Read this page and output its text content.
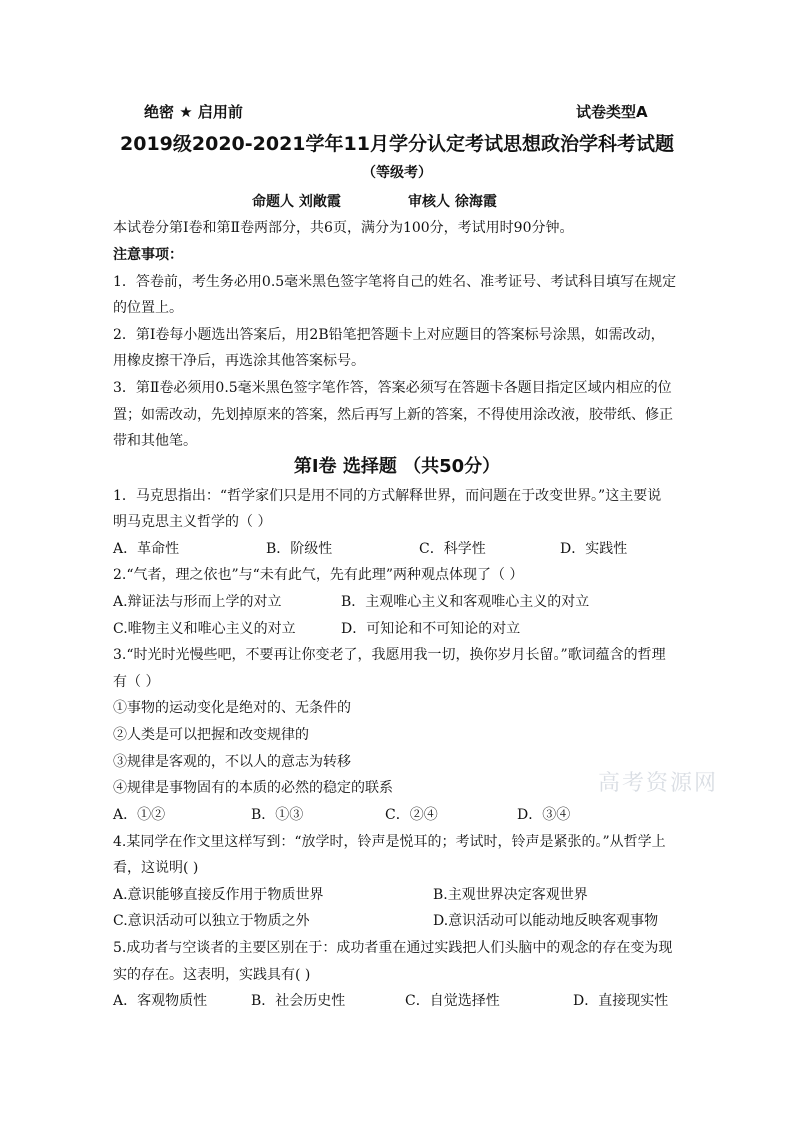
绝密 ★ 启用前	试卷类型A
2019级2020-2021学年11月学分认定考试思想政治学科考试题
（等级考）
命题人 刘敞霞	审核人 徐海霞
本试卷分第Ⅰ卷和第Ⅱ卷两部分，共6页，满分为100分，考试用时90分钟。
注意事项：
1．答卷前，考生务必用0.5毫米黑色签字笔将自己的姓名、准考证号、考试科目填写在规定
的位置上。
2．第Ⅰ卷每小题选出答案后，用2B铅笔把答题卡上对应题目的答案标号涂黑，如需改动，
用橡皮擦干净后，再选涂其他答案标号。
3．第Ⅱ卷必须用0.5毫米黑色签字笔作答，答案必须写在答题卡各题目指定区域内相应的位
置；如需改动，先划掉原来的答案，然后再写上新的答案，不得使用涂改液，胶带纸、修正
带和其他笔。
第Ⅰ卷 选择题 （共50分）
1．马克思指出：“哲学家们只是用不同的方式解释世界，而问题在于改变世界。”这主要说
明马克思主义哲学的（ ）
A．革命性	B．阶级性	C．科学性	D．实践性
2.“气者，理之依也”与“未有此气，先有此理”两种观点体现了（ ）
A.辩证法与形而上学的对立	B．主观唯心主义和客观唯心主义的对立
C.唯物主义和唯心主义的对立	D．可知论和不可知论的对立
3.“时光时光慢些吧，不要再让你变老了，我愿用我一切，换你岁月长留。”歌词蕴含的哲理
有（ ）
①事物的运动变化是绝对的、无条件的
②人类是可以把握和改变规律的
③规律是客观的，不以人的意志为转移
④规律是事物固有的本质的必然的稳定的联系
A．①②	B．①③	C．②④	D．③④
高考资源网
4.某同学在作文里这样写到：“放学时，铃声是悦耳的；考试时，铃声是紧张的。”从哲学上
看，这说明( )
A.意识能够直接反作用于物质世界	B.主观世界决定客观世界
C.意识活动可以独立于物质之外	D.意识活动可以能动地反映客观事物
5.成功者与空谈者的主要区别在于：成功者重在通过实践把人们头脑中的观念的存在变为现
实的存在。这表明，实践具有( )
A．客观物质性	B．社会历史性	C．自觉选择性	D．直接现实性
